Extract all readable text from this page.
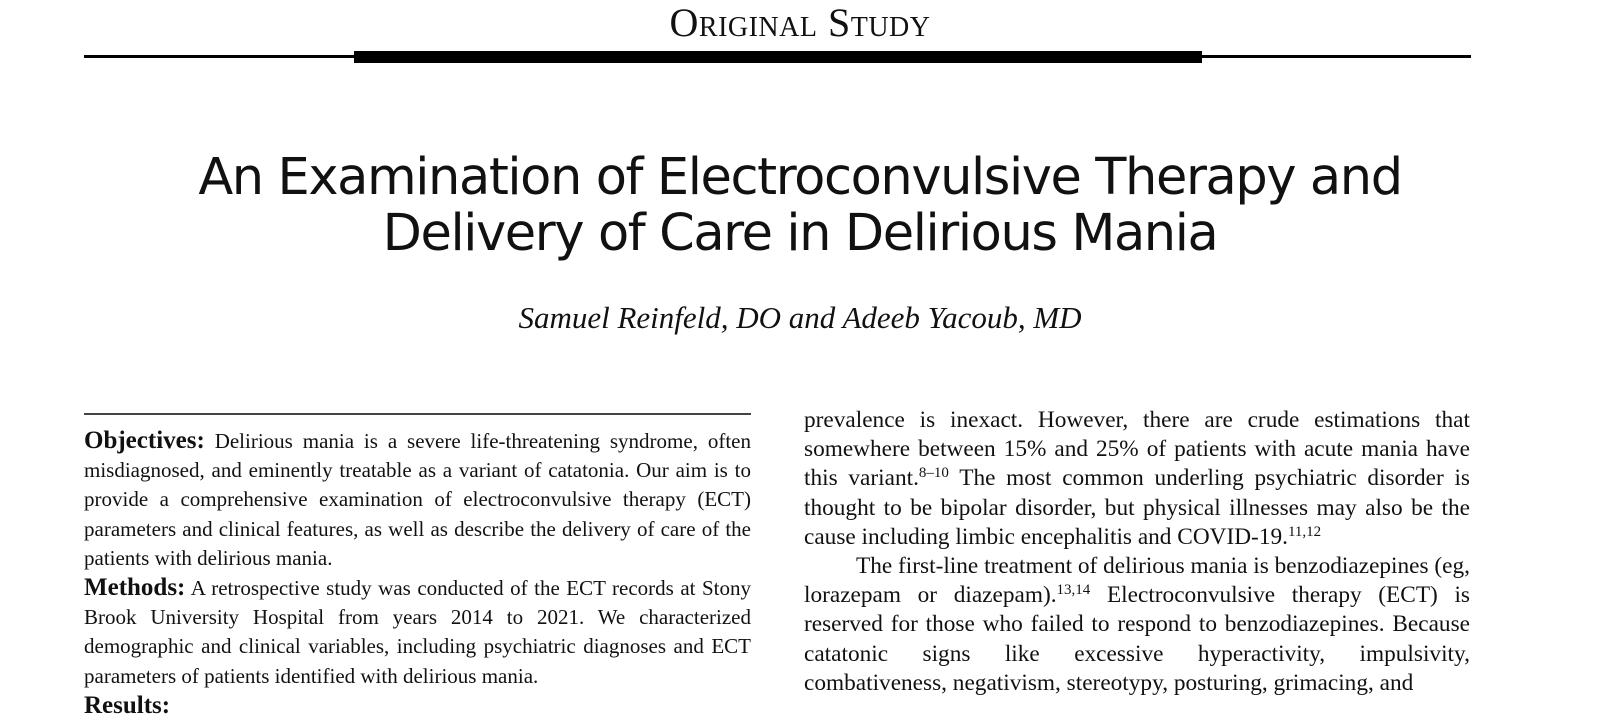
Original Study
An Examination of Electroconvulsive Therapy and
Delivery of Care in Delirious Mania
Samuel Reinfeld, DO and Adeeb Yacoub, MD

Objectives: Delirious mania is a severe life-threatening syndrome, often misdiagnosed, and eminently treatable as a variant of catatonia. Our aim is to provide a comprehensive examination of electroconvulsive therapy (ECT) parameters and clinical features, as well as describe the delivery of care of the patients with delirious mania.

Methods: A retrospective study was conducted of the ECT records at Stony Brook University Hospital from years 2014 to 2021. We characterized demographic and clinical variables, including psychiatric diagnoses and ECT parameters of patients identified with delirious mania.

Results:

prevalence is inexact. However, there are crude estimations that somewhere between 15% and 25% of patients with acute mania have this variant.$^{8-10}$ The most common underling psychiatric disorder is thought to be bipolar disorder, but physical illnesses may also be the cause including limbic encephalitis and COVID-19.$^{11,12}$

The first-line treatment of delirious mania is benzodiazepines (eg, lorazepam or diazepam).$^{13,14}$ Electroconvulsive therapy (ECT) is reserved for those who failed to respond to benzodiazepines. Because catatonic signs like excessive hyperactivity, impulsivity, combativeness, negativism, stereotypy, posturing, grimacing, and
